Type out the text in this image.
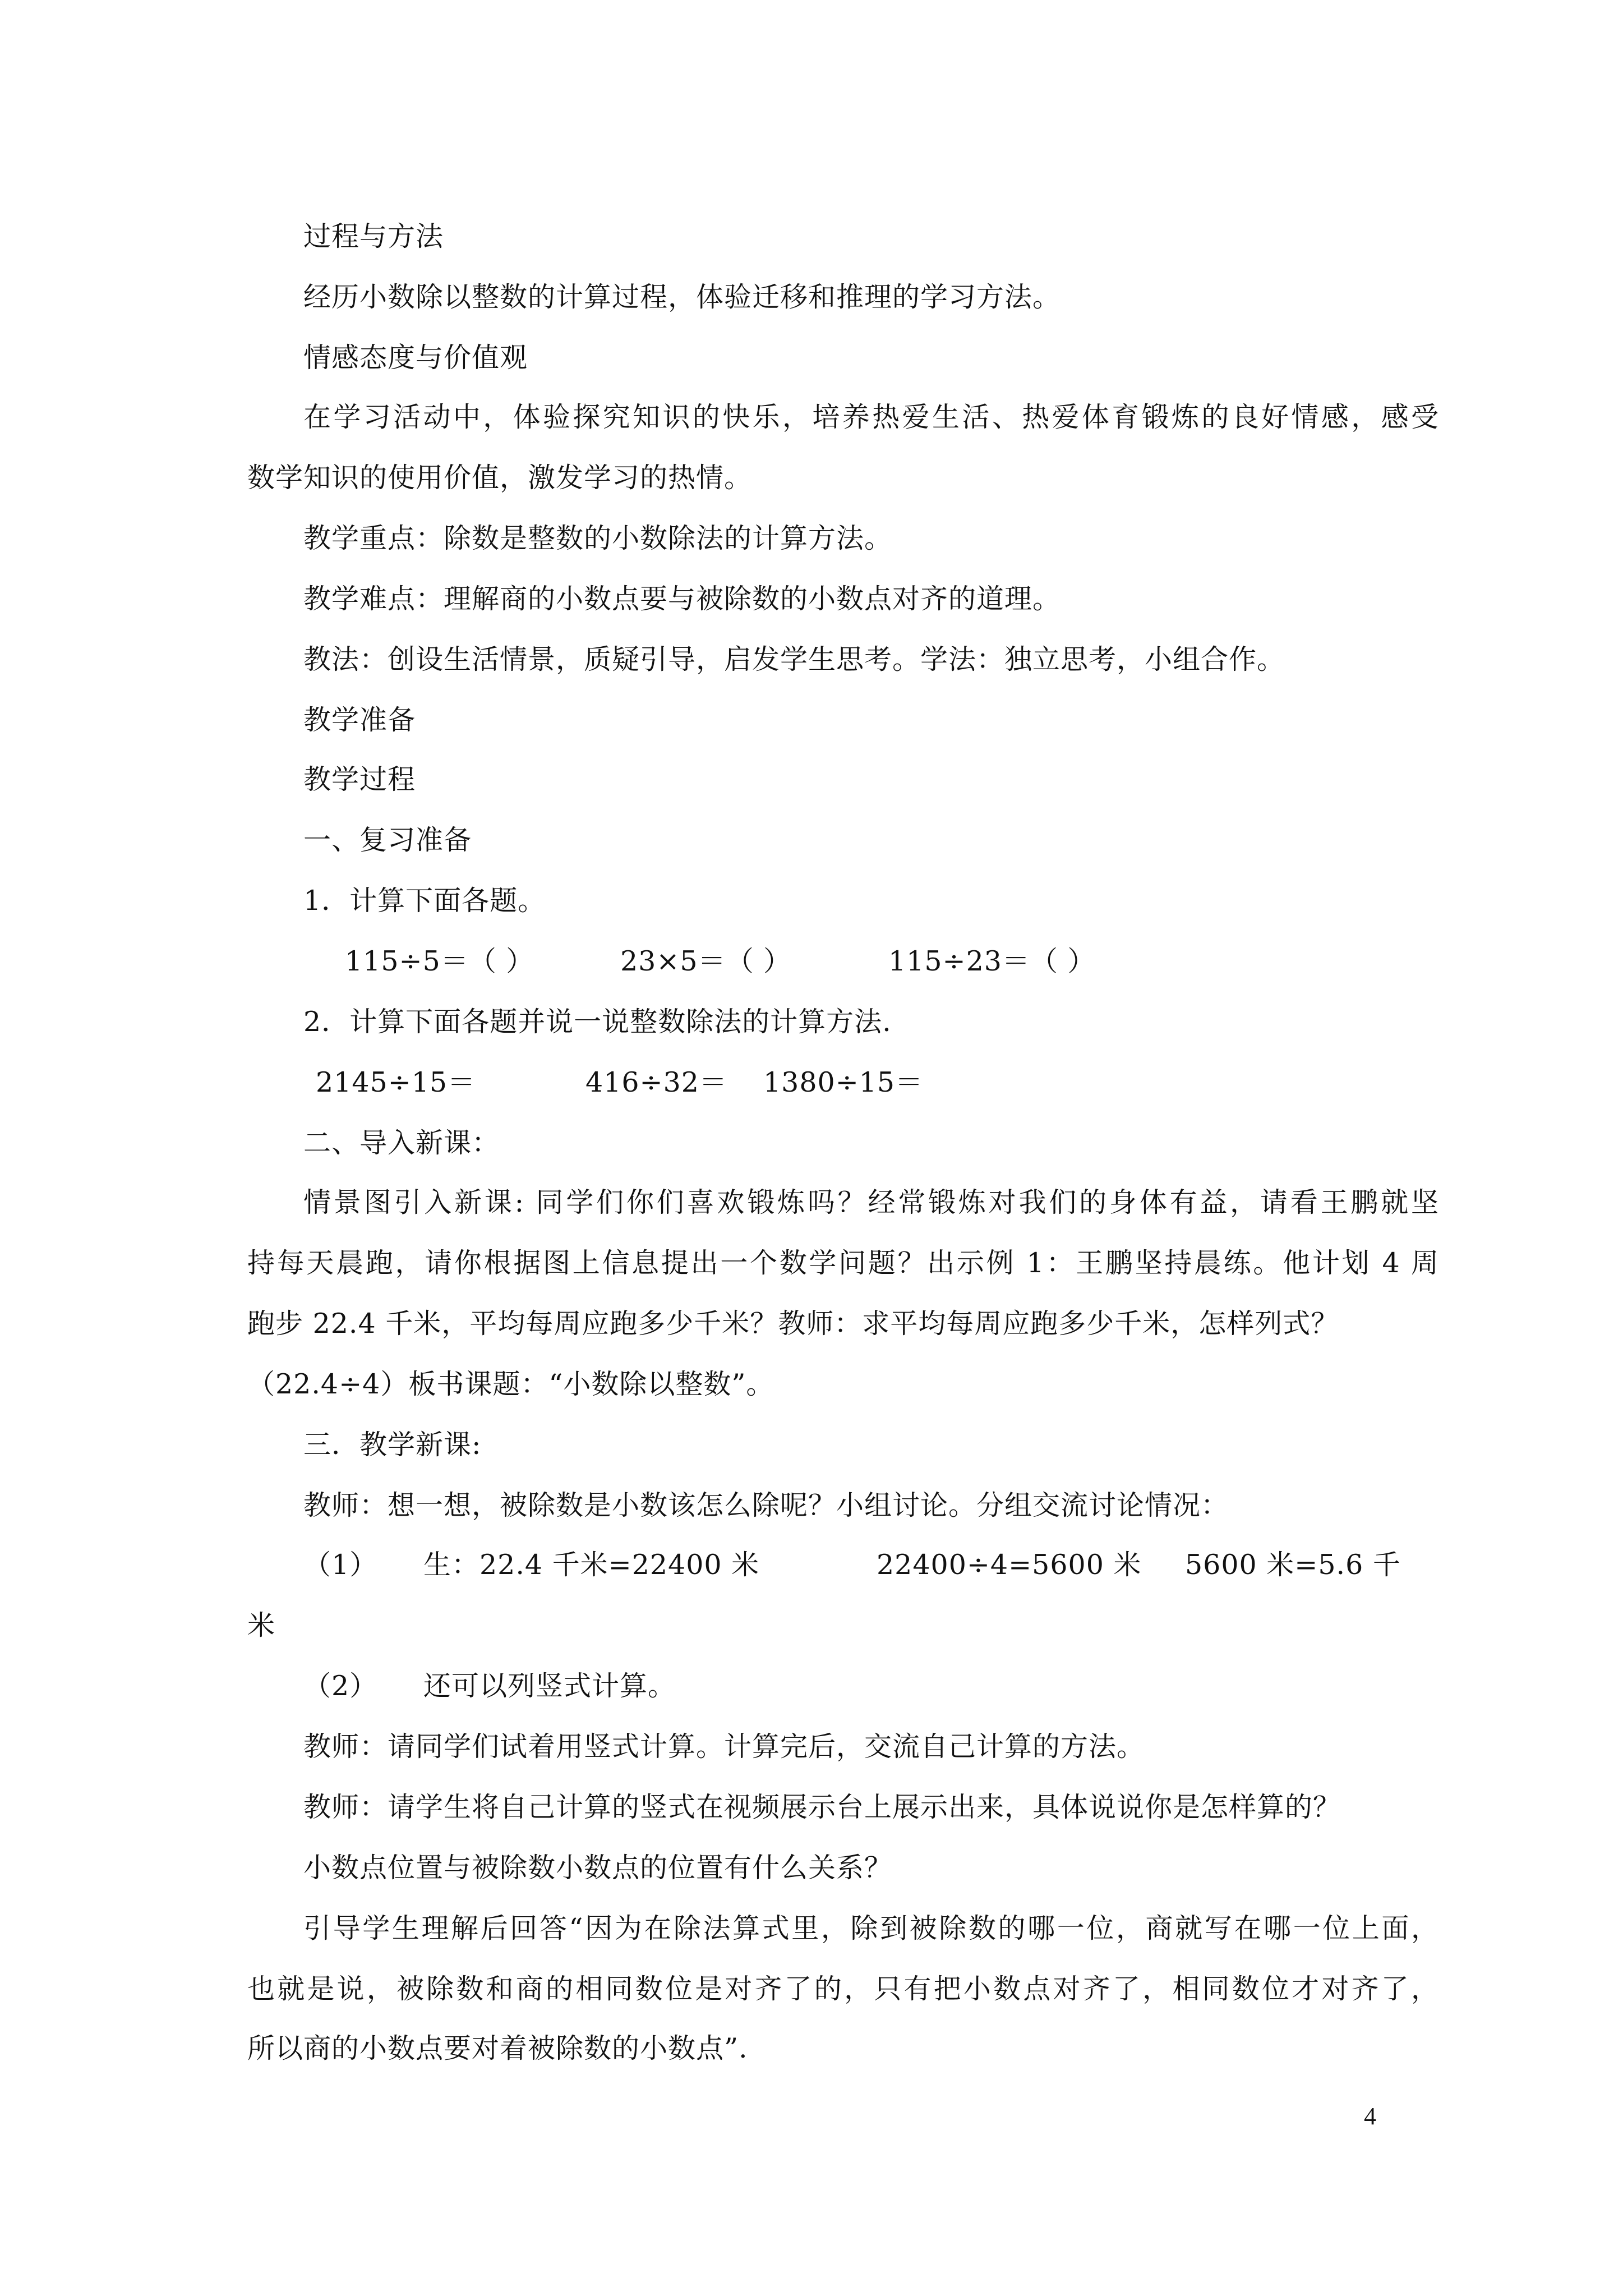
过程与方法
经历小数除以整数的计算过程，体验迁移和推理的学习方法。
情感态度与价值观
在学习活动中，体验探究知识的快乐，培养热爱生活、热爱体育锻炼的良好情感，感受
数学知识的使用价值，激发学习的热情。
教学重点：除数是整数的小数除法的计算方法。
教学难点：理解商的小数点要与被除数的小数点对齐的道理。
教法：创设生活情景，质疑引导，启发学生思考。学法：独立思考，小组合作。
教学准备
教学过程
一、复习准备
1．计算下面各题。
115÷5＝（ ）	23×5＝（ ）	115÷23＝（ ）
2．计算下面各题并说一说整数除法的计算方法.
2145÷15＝	416÷32＝ 1380÷15＝
二、导入新课：
情景图引入新课: 同学们你们喜欢锻炼吗？经常锻炼对我们的身体有益，请看王鹏就坚
持每天晨跑，请你根据图上信息提出一个数学问题？出示例 1：王鹏坚持晨练。他计划 4 周
跑步 22.4 千米，平均每周应跑多少千米？教师：求平均每周应跑多少千米，怎样列式？
（22.4÷4）板书课题：“小数除以整数”。
三．教学新课:
教师：想一想，被除数是小数该怎么除呢？小组讨论。分组交流讨论情况：
（1） 生：22.4 千米=22400 米	22400÷4=5600 米 5600 米=5.6 千
米
（2） 还可以列竖式计算。
教师：请同学们试着用竖式计算。计算完后，交流自己计算的方法。
教师：请学生将自己计算的竖式在视频展示台上展示出来，具体说说你是怎样算的？
小数点位置与被除数小数点的位置有什么关系？
引导学生理解后回答“因为在除法算式里，除到被除数的哪一位，商就写在哪一位上面，
也就是说，被除数和商的相同数位是对齐了的，只有把小数点对齐了，相同数位才对齐了，
所以商的小数点要对着被除数的小数点”.
4
